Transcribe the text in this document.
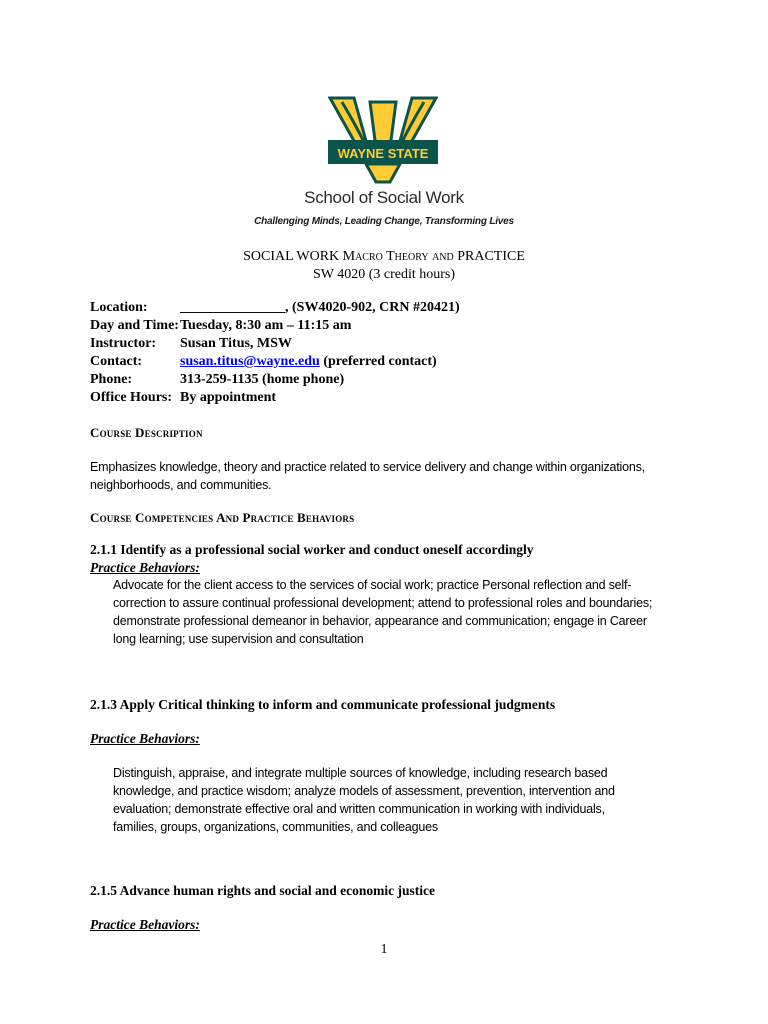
WAYNE STATE
School of Social Work
Challenging Minds, Leading Change, Transforming Lives
SOCIAL WORK Macro Theory and PRACTICE
SW 4020 (3 credit hours)
Location: _______________, (SW4020-902, CRN #20421)
Day and Time:Tuesday, 8:30 am – 11:15 am
Instructor: Susan Titus, MSW
Contact:	susan.titus@wayne.edu (preferred contact)
Phone:	313-259-1135 (home phone)
Office Hours: By appointment
Course Description
Emphasizes knowledge, theory and practice related to service delivery and change within organizations,
neighborhoods, and communities.
Course Competencies And Practice Behaviors
2.1.1 Identify as a professional social worker and conduct oneself accordingly
Practice Behaviors:
Advocate for the client access to the services of social work; practice Personal reflection and self-
correction to assure continual professional development; attend to professional roles and boundaries;
demonstrate professional demeanor in behavior, appearance and communication; engage in Career
long learning; use supervision and consultation
2.1.3 Apply Critical thinking to inform and communicate professional judgments
Practice Behaviors:
Distinguish, appraise, and integrate multiple sources of knowledge, including research based
knowledge, and practice wisdom; analyze models of assessment, prevention, intervention and
evaluation; demonstrate effective oral and written communication in working with individuals,
families, groups, organizations, communities, and colleagues
2.1.5 Advance human rights and social and economic justice
Practice Behaviors:
1
